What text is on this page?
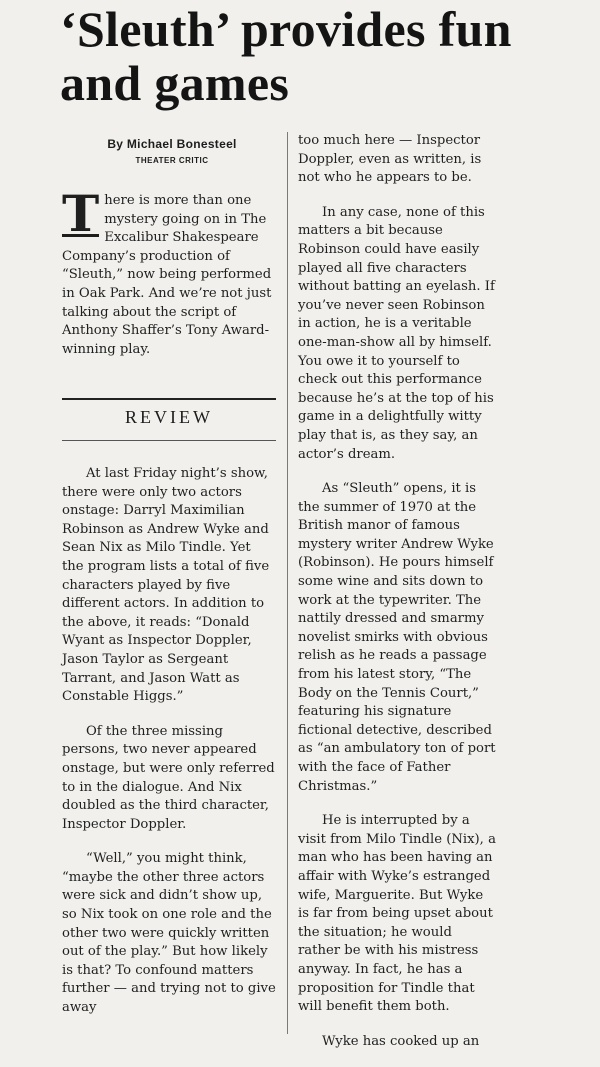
‘Sleuth’ provides fun and games
By Michael Bonesteel
THEATER CRITIC

T here is more than one mystery going on in The Excalibur Shakespeare Company’s production of “Sleuth,” now being performed in Oak Park. And we’re not just talking about the script of Anthony Shaffer’s Tony Award-winning play.

REVIEW

At last Friday night’s show, there were only two actors onstage: Darryl Maximilian Robinson as Andrew Wyke and Sean Nix as Milo Tindle. Yet the program lists a total of five characters played by five different actors. In addition to the above, it reads: “Donald Wyant as Inspector Doppler, Jason Taylor as Sergeant Tarrant, and Jason Watt as Constable Higgs.”

Of the three missing persons, two never appeared onstage, but were only referred to in the dialogue. And Nix doubled as the third character, Inspector Doppler.

“Well,” you might think, “maybe the other three actors were sick and didn’t show up, so Nix took on one role and the other two were quickly written out of the play.” But how likely is that? To confound matters further — and trying not to give away

too much here — Inspector Doppler, even as written, is not who he appears to be.

In any case, none of this matters a bit because Robinson could have easily played all five characters without batting an eyelash. If you’ve never seen Robinson in action, he is a veritable one-man-show all by himself. You owe it to yourself to check out this performance because he’s at the top of his game in a delightfully witty play that is, as they say, an actor’s dream.

As “Sleuth” opens, it is the summer of 1970 at the British manor of famous mystery writer Andrew Wyke (Robinson). He pours himself some wine and sits down to work at the typewriter. The nattily dressed and smarmy novelist smirks with obvious relish as he reads a passage from his latest story, “The Body on the Tennis Court,” featuring his signature fictional detective, described as “an ambulatory ton of port with the face of Father Christmas.”

He is interrupted by a visit from Milo Tindle (Nix), a man who has been having an affair with Wyke’s estranged wife, Marguerite. But Wyke is far from being upset about the situation; he would rather be with his mistress anyway. In fact, he has a proposition for Tindle that will benefit them both.

Wyke has cooked up an
